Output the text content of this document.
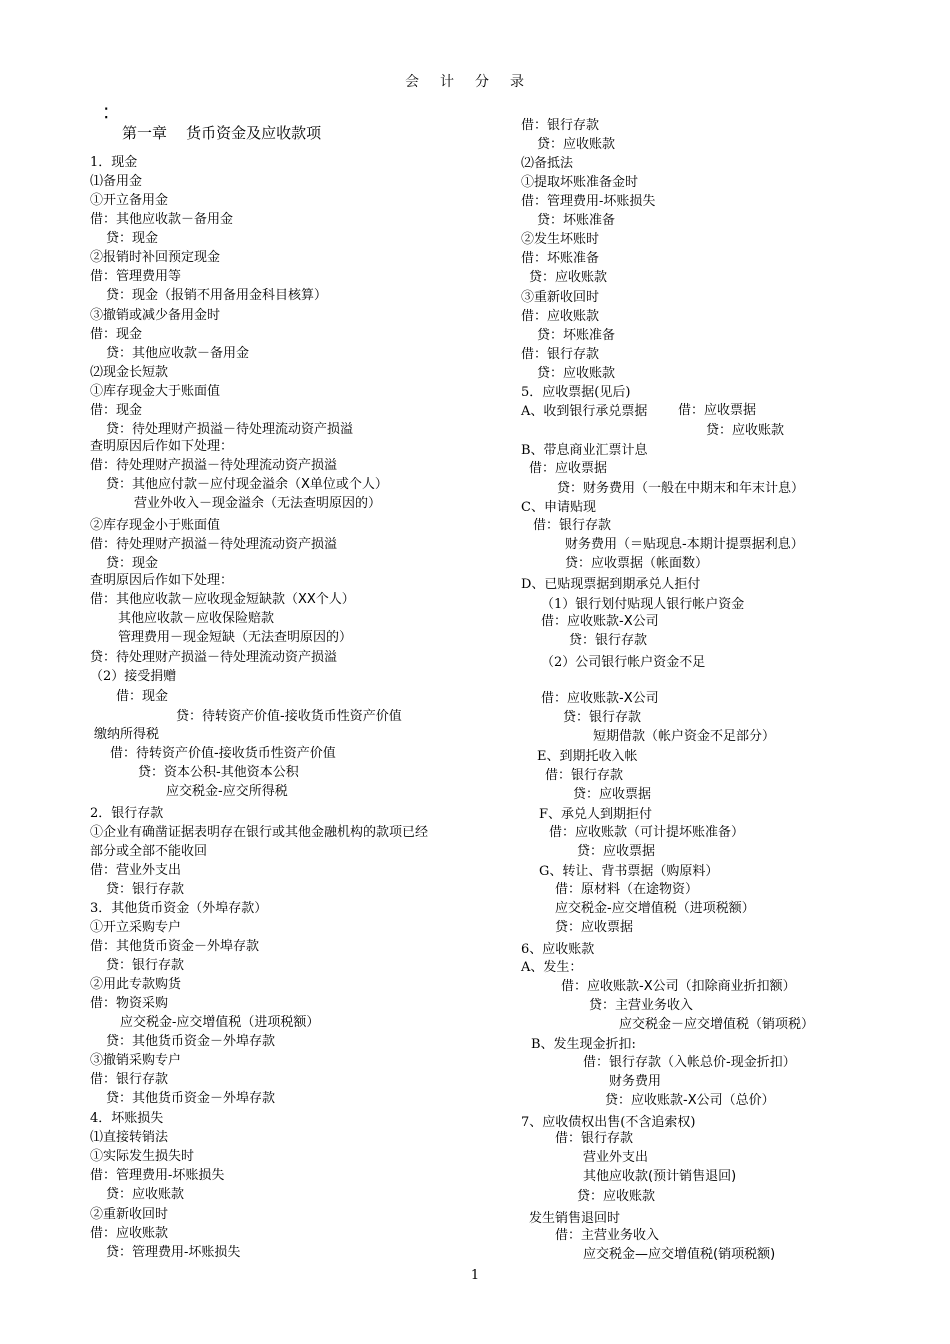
会计分录
⁚
第一章    货币资金及应收款项
1
1．现金
⑴备用金
①开立备用金
借：其他应收款－备用金
贷：现金
②报销时补回预定现金
借：管理费用等
贷：现金（报销不用备用金科目核算）
③撤销或减少备用金时
借：现金
贷：其他应收款－备用金
⑵现金长短款
①库存现金大于账面值
借：现金
贷：待处理财产损溢－待处理流动资产损溢
查明原因后作如下处理：
借：待处理财产损溢－待处理流动资产损溢
贷：其他应付款－应付现金溢余（X单位或个人）
营业外收入－现金溢余（无法查明原因的）
②库存现金小于账面值
借：待处理财产损溢－待处理流动资产损溢
贷：现金
查明原因后作如下处理：
借：其他应收款－应收现金短缺款（XX个人）
其他应收款－应收保险赔款
管理费用－现金短缺（无法查明原因的）
贷：待处理财产损溢－待处理流动资产损溢
（2）接受捐赠
借：现金
贷：待转资产价值-接收货币性资产价值
缴纳所得税
借：待转资产价值-接收货币性资产价值
贷：资本公积-其他资本公积
应交税金-应交所得税
2．银行存款
①企业有确凿证据表明存在银行或其他金融机构的款项已经
部分或全部不能收回
借：营业外支出
贷：银行存款
3．其他货币资金（外埠存款）
①开立采购专户
借：其他货币资金－外埠存款
贷：银行存款
②用此专款购货
借：物资采购
应交税金-应交增值税（进项税额）
贷：其他货币资金－外埠存款
③撤销采购专户
借：银行存款
贷：其他货币资金－外埠存款
4．坏账损失
⑴直接转销法
①实际发生损失时
借：管理费用-坏账损失
贷：应收账款
②重新收回时
借：应收账款
贷：管理费用-坏账损失
借：银行存款
贷：应收账款
⑵备抵法
①提取坏账准备金时
借：管理费用-坏账损失
贷：坏账准备
②发生坏账时
借：坏账准备
贷：应收账款
③重新收回时
借：应收账款
贷：坏账准备
借：银行存款
贷：应收账款
5．应收票据(见后)
A、收到银行承兑票据 借：应收票据
贷：应收账款
B、带息商业汇票计息
借：应收票据
贷：财务费用（一般在中期末和年末计息）
C、申请贴现
借：银行存款
财务费用（＝贴现息-本期计提票据利息）
贷：应收票据（帐面数）
D、已贴现票据到期承兑人拒付
（1）银行划付贴现人银行帐户资金
借：应收账款-X公司
贷：银行存款
（2）公司银行帐户资金不足
借：应收账款-X公司
贷：银行存款
短期借款（帐户资金不足部分）
E、到期托收入帐
借：银行存款
贷：应收票据
F、承兑人到期拒付
借：应收账款（可计提坏账准备）
贷：应收票据
G、转让、背书票据（购原料）
借：原材料（在途物资）
应交税金-应交增值税（进项税额）
贷：应收票据
6、应收账款
A、发生：
借：应收账款-X公司（扣除商业折扣额）
贷：主营业务收入
应交税金－应交增值税（销项税）
B、发生现金折扣:
借：银行存款（入帐总价-现金折扣）
财务费用
贷：应收账款-X公司（总价）
7、应收债权出售(不含追索权)
借：银行存款
营业外支出
其他应收款(预计销售退回)
贷：应收账款
发生销售退回时
借：主营业务收入
应交税金—应交增值税(销项税额)
